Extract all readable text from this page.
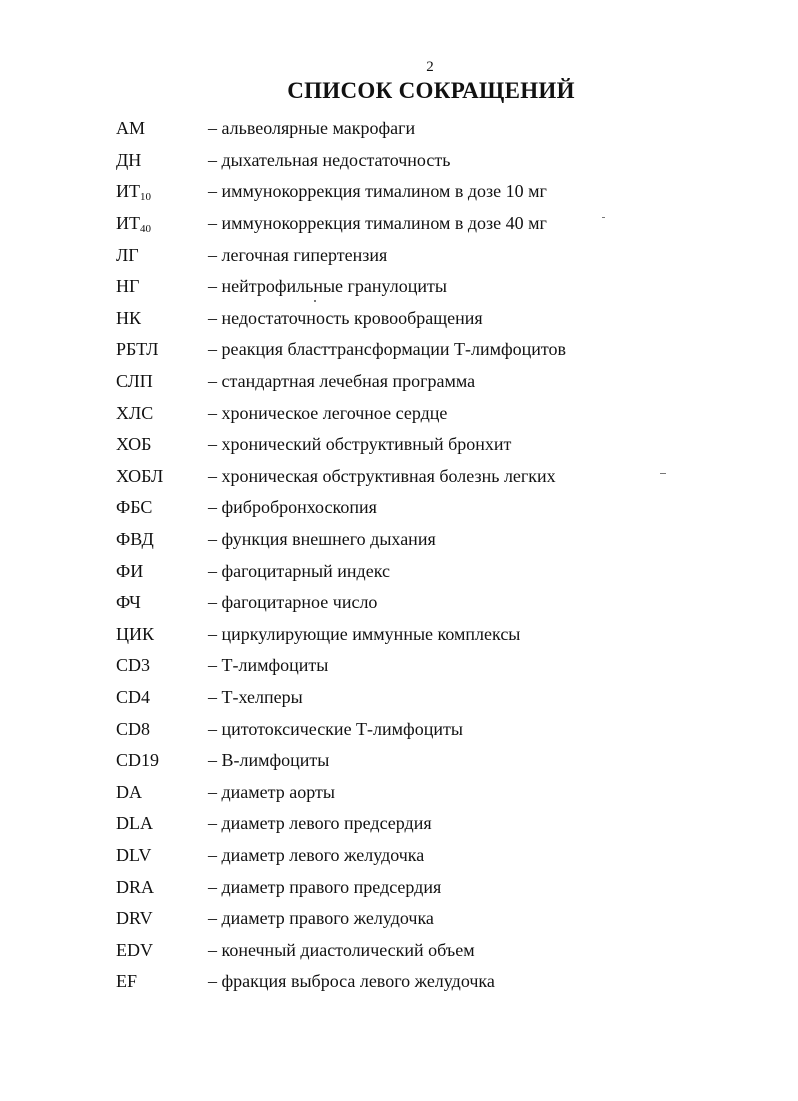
2
СПИСОК СОКРАЩЕНИЙ
АМ	– альвеолярные макрофаги
ДН	– дыхательная недостаточность
$ИТ_{10}$	– иммунокоррекция тималином в дозе 10 мг
$ИТ_{40}$	– иммунокоррекция тималином в дозе 40 мг
ЛГ	– легочная гипертензия
НГ	– нейтрофильные гранулоциты
НК	– недостаточность кровообращения
РБТЛ	– реакция бласттрансформации Т-лимфоцитов
СЛП	– стандартная лечебная программа
ХЛС	– хроническое легочное сердце
ХОБ	– хронический обструктивный бронхит
ХОБЛ	– хроническая обструктивная болезнь легких
ФБС	– фибробронхоскопия
ФВД	– функция внешнего дыхания
ФИ	– фагоцитарный индекс
ФЧ	– фагоцитарное число
ЦИК	– циркулирующие иммунные комплексы
CD3	– Т-лимфоциты
CD4	– Т-хелперы
CD8	– цитотоксические Т-лимфоциты
CD19	– В-лимфоциты
DA	– диаметр аорты
DLA	– диаметр левого предсердия
DLV	– диаметр левого желудочка
DRA	– диаметр правого предсердия
DRV	– диаметр правого желудочка
EDV	– конечный диастолический объем
EF	– фракция выброса левого желудочка
